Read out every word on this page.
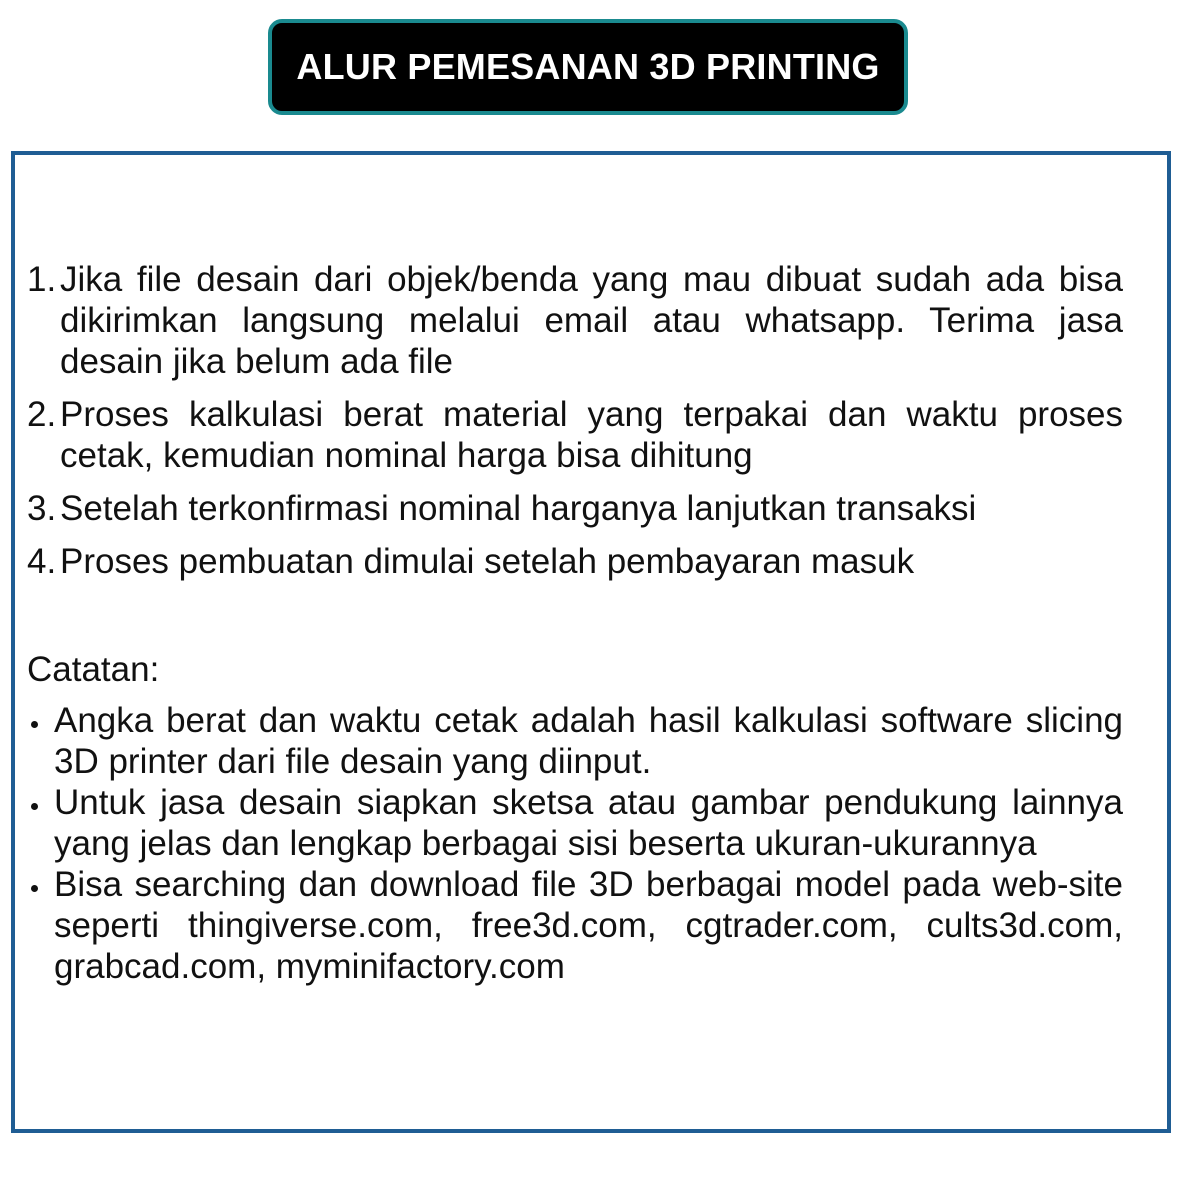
ALUR PEMESANAN 3D PRINTING
1. Jika file desain dari objek/benda yang mau dibuat sudah ada bisa dikirimkan langsung melalui email atau whatsapp. Terima jasa desain jika belum ada file
2. Proses kalkulasi berat material yang terpakai dan waktu proses cetak, kemudian nominal harga bisa dihitung
3. Setelah terkonfirmasi nominal harganya lanjutkan transaksi
4. Proses pembuatan dimulai setelah pembayaran masuk
Catatan:
Angka berat dan waktu cetak adalah hasil kalkulasi software slicing 3D printer dari file desain yang diinput.
Untuk jasa desain siapkan sketsa atau gambar pendukung lainnya yang jelas dan lengkap berbagai sisi beserta ukuran-ukurannya
Bisa searching dan download file 3D berbagai model pada web-site seperti thingiverse.com, free3d.com, cgtrader.com, cults3d.com, grabcad.com, myminifactory.com
